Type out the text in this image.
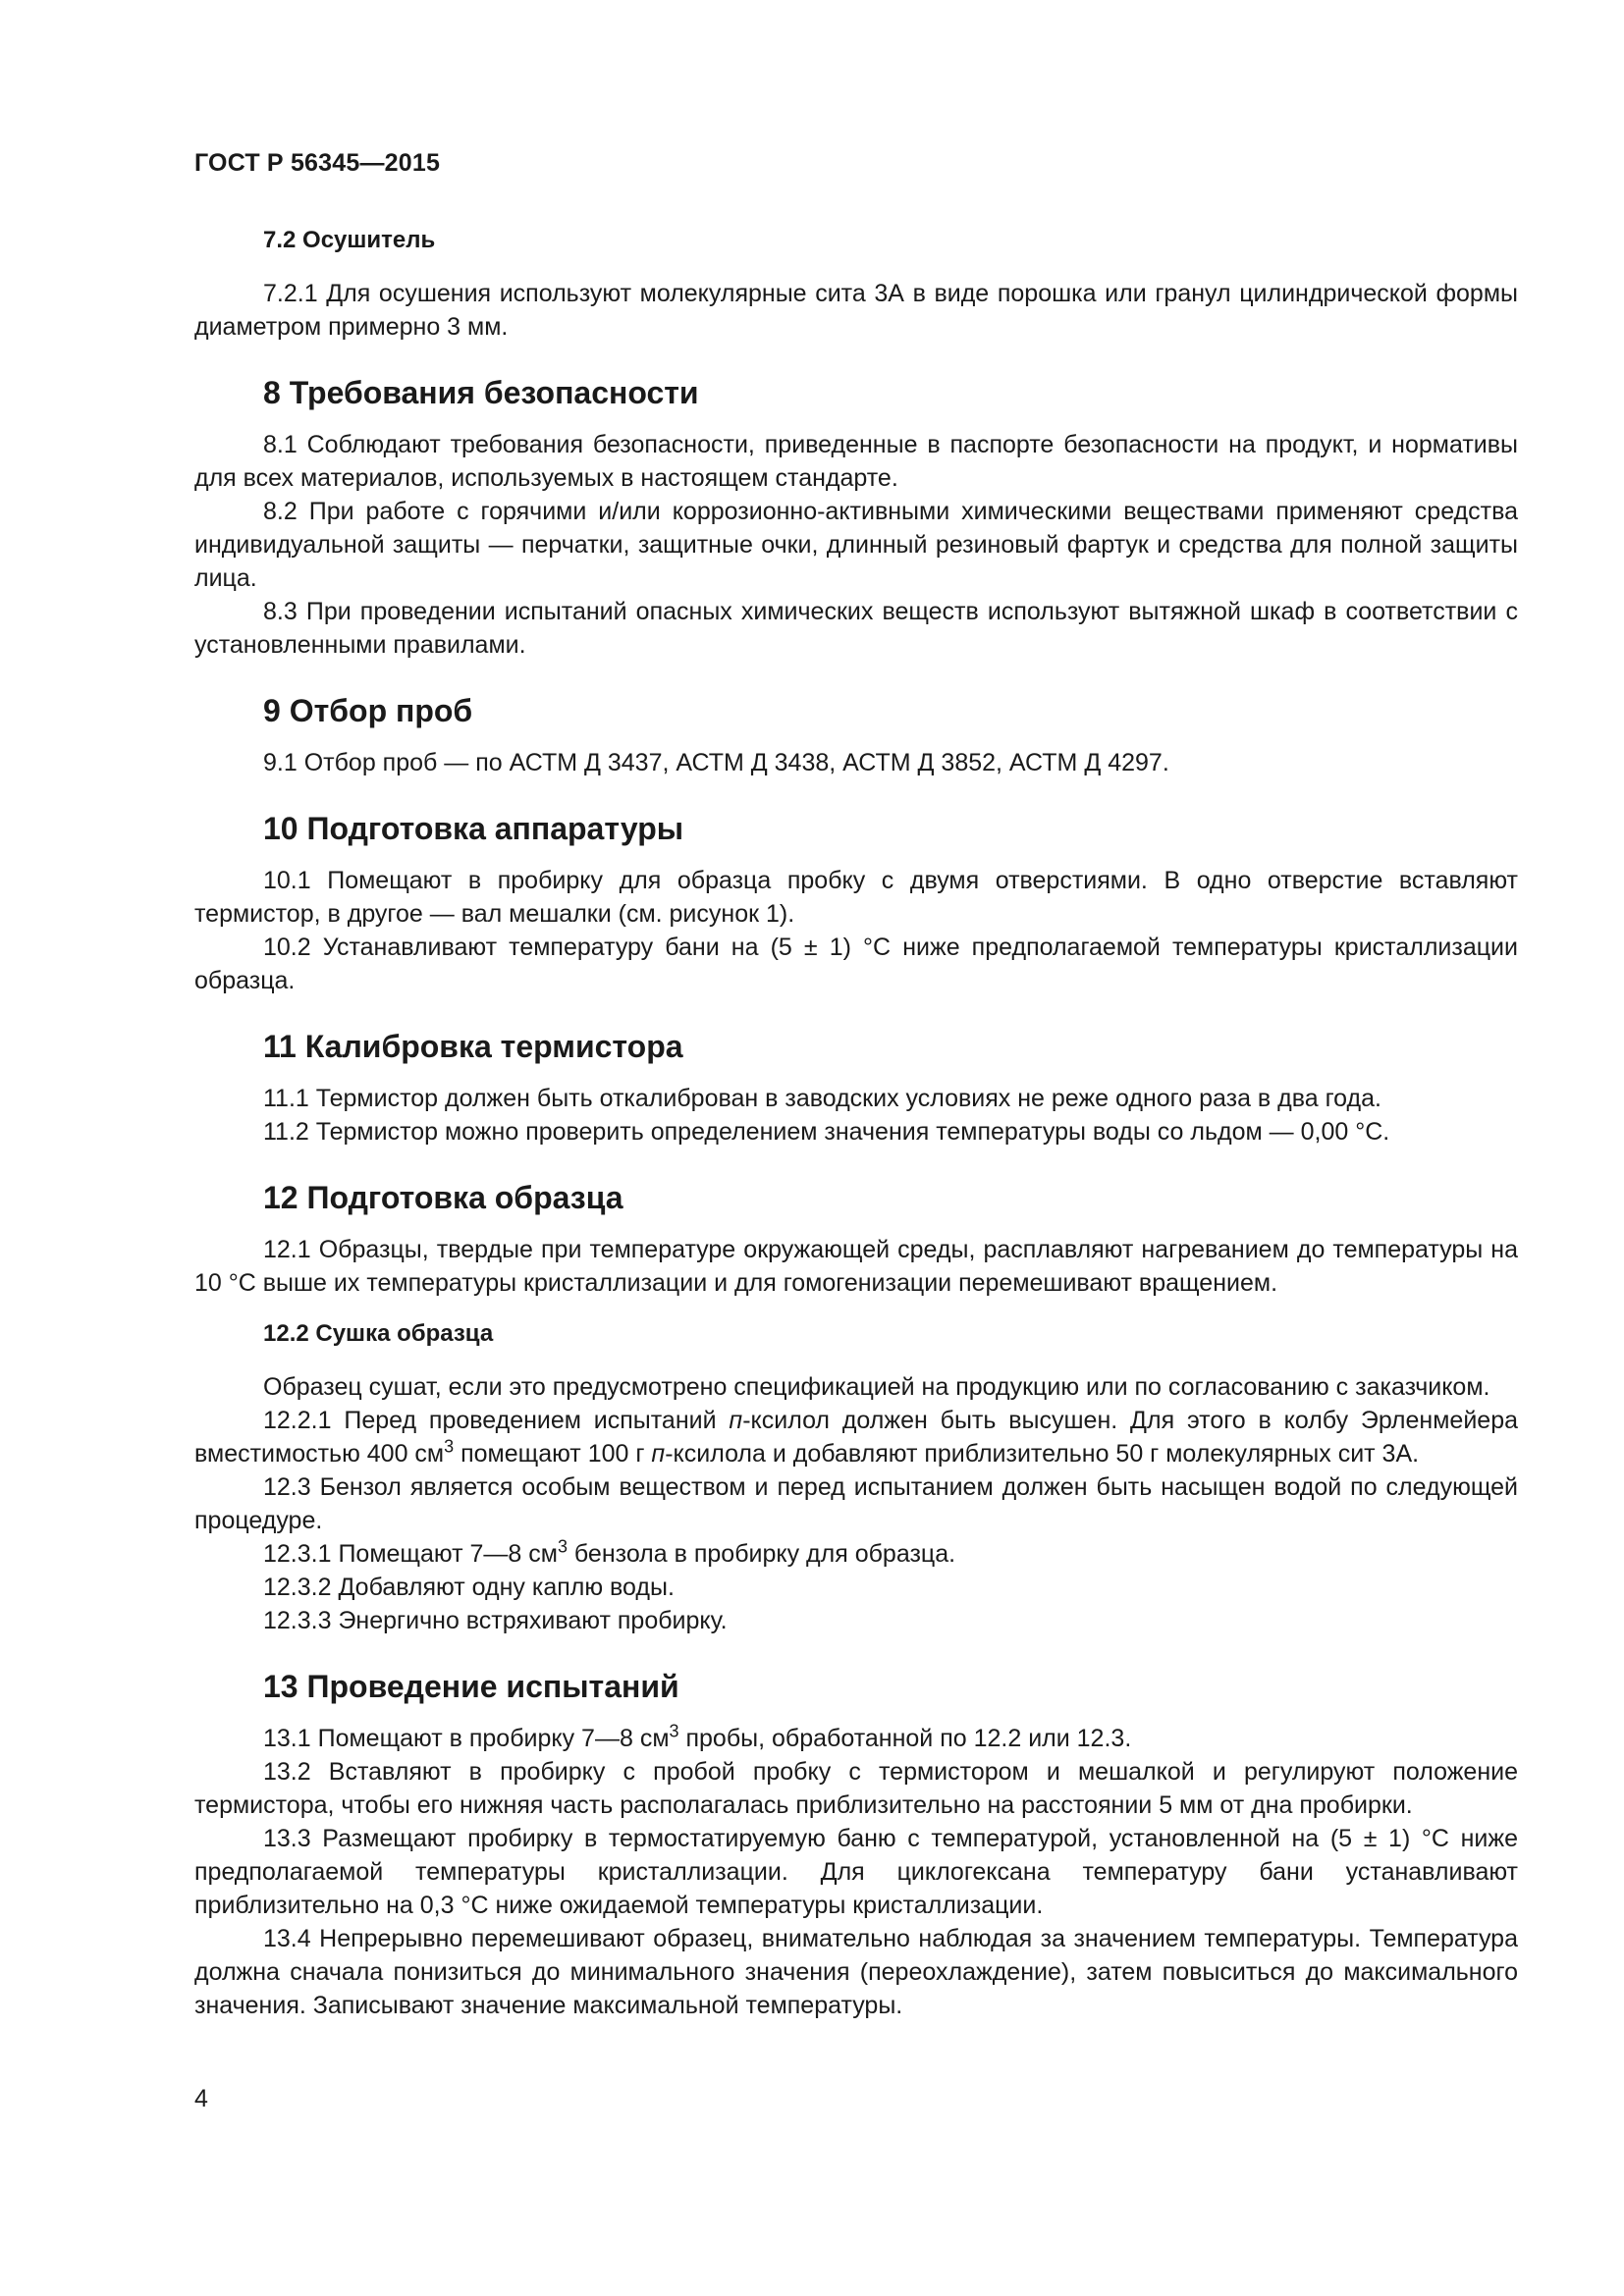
ГОСТ Р 56345—2015
7.2 Осушитель

7.2.1 Для осушения используют молекулярные сита 3А в виде порошка или гранул цилиндрической формы диаметром примерно 3 мм.

8 Требования безопасности

8.1 Соблюдают требования безопасности, приведенные в паспорте безопасности на продукт, и нормативы для всех материалов, используемых в настоящем стандарте.

8.2 При работе с горячими и/или коррозионно-активными химическими веществами применяют средства индивидуальной защиты — перчатки, защитные очки, длинный резиновый фартук и средства для полной защиты лица.

8.3 При проведении испытаний опасных химических веществ используют вытяжной шкаф в соответствии с установленными правилами.

9 Отбор проб

9.1 Отбор проб — по АСТМ Д 3437, АСТМ Д 3438, АСТМ Д 3852, АСТМ Д 4297.

10 Подготовка аппаратуры

10.1 Помещают в пробирку для образца пробку с двумя отверстиями. В одно отверстие вставляют термистор, в другое — вал мешалки (см. рисунок 1).

10.2 Устанавливают температуру бани на (5 ± 1) °С ниже предполагаемой температуры кристаллизации образца.

11 Калибровка термистора

11.1 Термистор должен быть откалиброван в заводских условиях не реже одного раза в два года.

11.2 Термистор можно проверить определением значения температуры воды со льдом — 0,00 °С.

12 Подготовка образца

12.1 Образцы, твердые при температуре окружающей среды, расплавляют нагреванием до температуры на 10 °С выше их температуры кристаллизации и для гомогенизации перемешивают вращением.

12.2 Сушка образца

Образец сушат, если это предусмотрено спецификацией на продукцию или по согласованию с заказчиком.

12.2.1 Перед проведением испытаний п-ксилол должен быть высушен. Для этого в колбу Эрленмейера вместимостью 400 $см^3$ помещают 100 г п-ксилола и добавляют приблизительно 50 г молекулярных сит 3А.

12.3 Бензол является особым веществом и перед испытанием должен быть насыщен водой по следующей процедуре.

12.3.1 Помещают 7—8 $см^3$ бензола в пробирку для образца.

12.3.2 Добавляют одну каплю воды.

12.3.3 Энергично встряхивают пробирку.

13 Проведение испытаний

13.1 Помещают в пробирку 7—8 $см^3$ пробы, обработанной по 12.2 или 12.3.

13.2 Вставляют в пробирку с пробой пробку с термистором и мешалкой и регулируют положение термистора, чтобы его нижняя часть располагалась приблизительно на расстоянии 5 мм от дна пробирки.

13.3 Размещают пробирку в термостатируемую баню с температурой, установленной на (5 ± 1) °С ниже предполагаемой температуры кристаллизации. Для циклогексана температуру бани устанавливают приблизительно на 0,3 °С ниже ожидаемой температуры кристаллизации.

13.4 Непрерывно перемешивают образец, внимательно наблюдая за значением температуры. Температура должна сначала понизиться до минимального значения (переохлаждение), затем повыситься до максимального значения. Записывают значение максимальной температуры.

4
